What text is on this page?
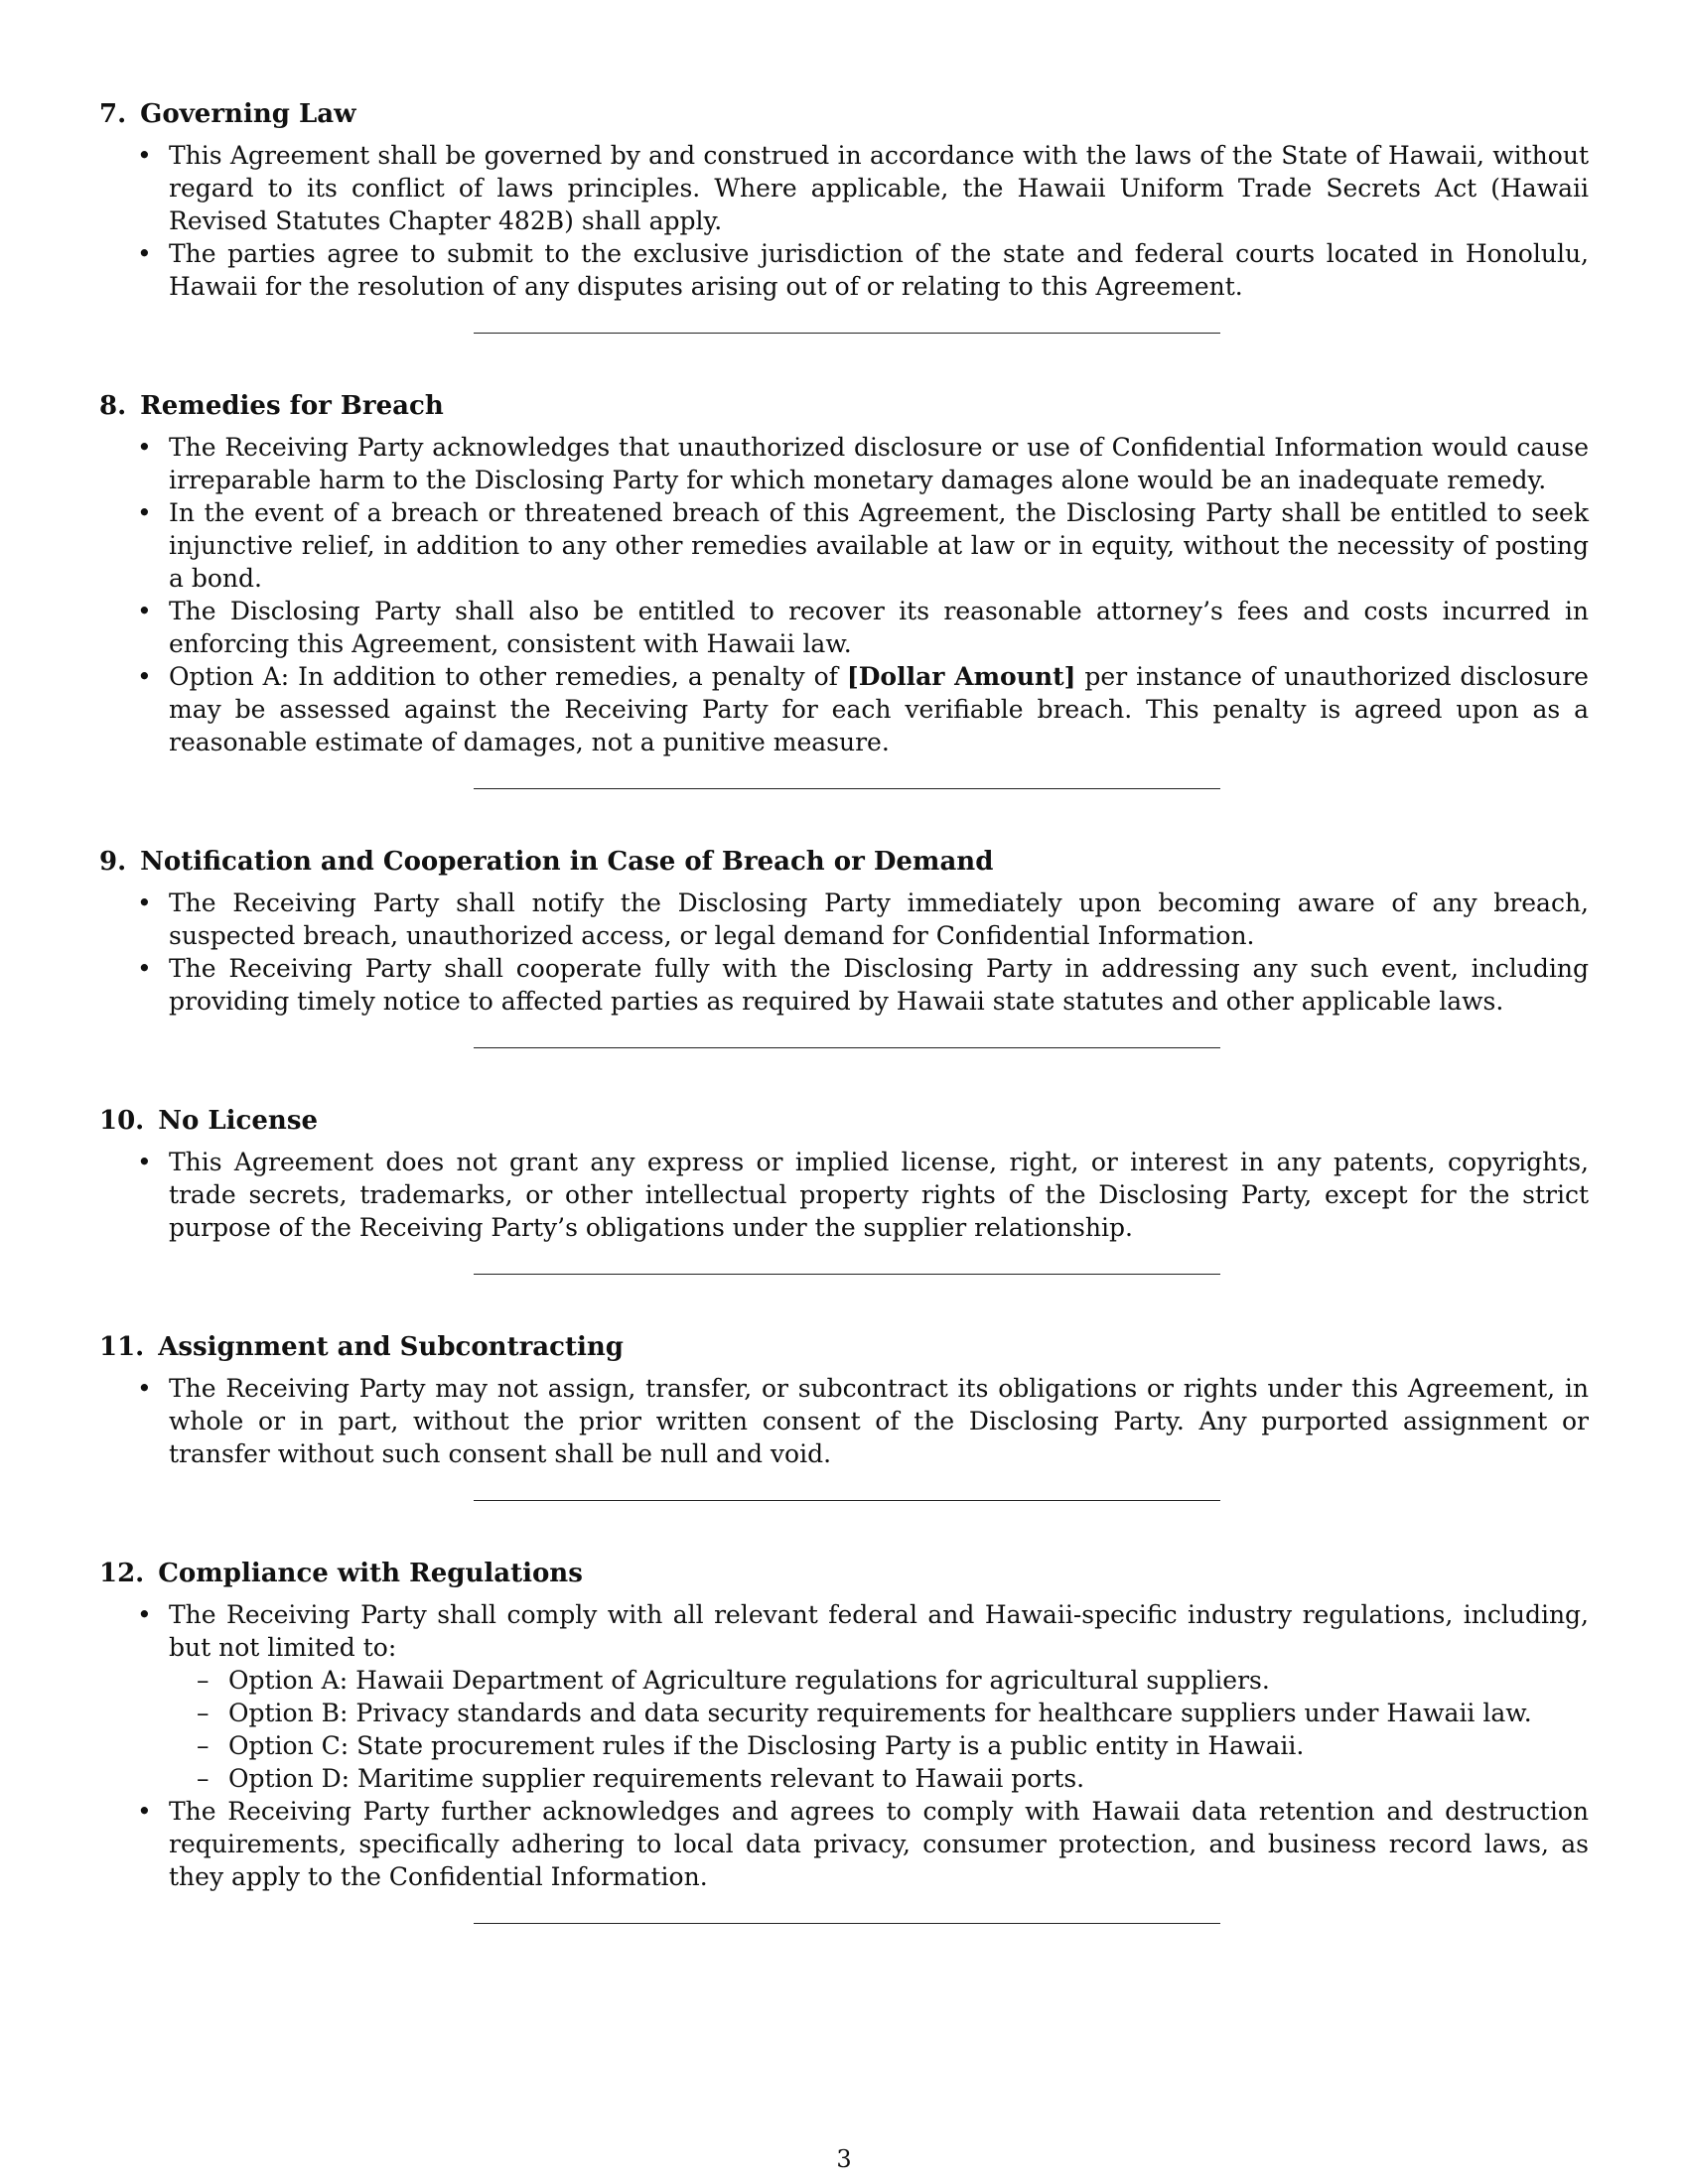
7. Governing Law
• This Agreement shall be governed by and construed in accordance with the laws of the State of Hawaii, without regard to its conflict of laws principles. Where applicable, the Hawaii Uniform Trade Secrets Act (Hawaii Revised Statutes Chapter 482B) shall apply.
• The parties agree to submit to the exclusive jurisdiction of the state and federal courts located in Honolulu, Hawaii for the resolution of any disputes arising out of or relating to this Agreement.
8. Remedies for Breach
• The Receiving Party acknowledges that unauthorized disclosure or use of Confidential Information would cause irreparable harm to the Disclosing Party for which monetary damages alone would be an inadequate remedy.
• In the event of a breach or threatened breach of this Agreement, the Disclosing Party shall be entitled to seek injunctive relief, in addition to any other remedies available at law or in equity, without the necessity of posting a bond.
• The Disclosing Party shall also be entitled to recover its reasonable attorney’s fees and costs incurred in enforcing this Agreement, consistent with Hawaii law.
• Option A: In addition to other remedies, a penalty of [Dollar Amount] per instance of unauthorized disclosure may be assessed against the Receiving Party for each verifiable breach. This penalty is agreed upon as a reasonable estimate of damages, not a punitive measure.
9. Notification and Cooperation in Case of Breach or Demand
• The Receiving Party shall notify the Disclosing Party immediately upon becoming aware of any breach, suspected breach, unauthorized access, or legal demand for Confidential Information.
• The Receiving Party shall cooperate fully with the Disclosing Party in addressing any such event, including providing timely notice to affected parties as required by Hawaii state statutes and other applicable laws.
10. No License
• This Agreement does not grant any express or implied license, right, or interest in any patents, copyrights, trade secrets, trademarks, or other intellectual property rights of the Disclosing Party, except for the strict purpose of the Receiving Party’s obligations under the supplier relationship.
11. Assignment and Subcontracting
• The Receiving Party may not assign, transfer, or subcontract its obligations or rights under this Agreement, in whole or in part, without the prior written consent of the Disclosing Party. Any purported assignment or transfer without such consent shall be null and void.
12. Compliance with Regulations
• The Receiving Party shall comply with all relevant federal and Hawaii-specific industry regulations, including, but not limited to:
– Option A: Hawaii Department of Agriculture regulations for agricultural suppliers.
– Option B: Privacy standards and data security requirements for healthcare suppliers under Hawaii law.
– Option C: State procurement rules if the Disclosing Party is a public entity in Hawaii.
– Option D: Maritime supplier requirements relevant to Hawaii ports.
• The Receiving Party further acknowledges and agrees to comply with Hawaii data retention and destruction requirements, specifically adhering to local data privacy, consumer protection, and business record laws, as they apply to the Confidential Information.
3
